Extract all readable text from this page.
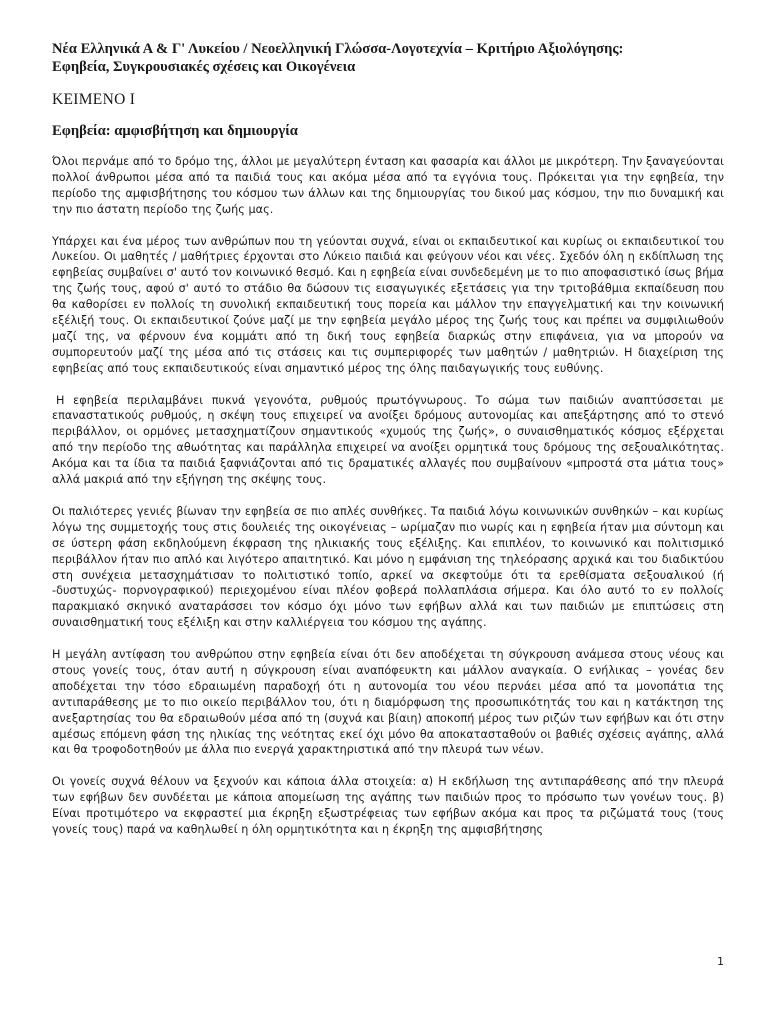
Νέα Ελληνικά Α & Γ' Λυκείου / Νεοελληνική Γλώσσα-Λογοτεχνία – Κριτήριο Αξιολόγησης:
Εφηβεία, Συγκρουσιακές σχέσεις και Οικογένεια
ΚΕΙΜΕΝΟ Ι
Εφηβεία: αμφισβήτηση και δημιουργία

Όλοι περνάμε από το δρόμο της, άλλοι με μεγαλύτερη ένταση και φασαρία και άλλοι με μικρότερη. Την ξαναγεύονται πολλοί άνθρωποι μέσα από τα παιδιά τους και ακόμα μέσα από τα εγγόνια τους. Πρόκειται για την εφηβεία, την περίοδο της αμφισβήτησης του κόσμου των άλλων και της δημιουργίας του δικού μας κόσμου, την πιο δυναμική και την πιο άστατη περίοδο της ζωής μας.

Υπάρχει και ένα μέρος των ανθρώπων που τη γεύονται συχνά, είναι οι εκπαιδευτικοί και κυρίως οι εκπαιδευτικοί του Λυκείου. Οι μαθητές / μαθήτριες έρχονται στο Λύκειο παιδιά και φεύγουν νέοι και νέες. Σχεδόν όλη η εκδίπλωση της εφηβείας συμβαίνει σ' αυτό τον κοινωνικό θεσμό. Και η εφηβεία είναι συνδεδεμένη με το πιο αποφασιστικό ίσως βήμα της ζωής τους, αφού σ' αυτό το στάδιο θα δώσουν τις εισαγωγικές εξετάσεις για την τριτοβάθμια εκπαίδευση που θα καθορίσει εν πολλοίς τη συνολική εκπαιδευτική τους πορεία και μάλλον την επαγγελματική και την κοινωνική εξέλιξή τους. Οι εκπαιδευτικοί ζούνε μαζί με την εφηβεία μεγάλο μέρος της ζωής τους και πρέπει να συμφιλιωθούν μαζί της, να φέρνουν ένα κομμάτι από τη δική τους εφηβεία διαρκώς στην επιφάνεια, για να μπορούν να συμπορευτούν μαζί της μέσα από τις στάσεις και τις συμπεριφορές των μαθητών / μαθητριών. Η διαχείριση της εφηβείας από τους εκπαιδευτικούς είναι σημαντικό μέρος της όλης παιδαγωγικής τους ευθύνης.

Η εφηβεία περιλαμβάνει πυκνά γεγονότα, ρυθμούς πρωτόγνωρους. Το σώμα των παιδιών αναπτύσσεται με επαναστατικούς ρυθμούς, η σκέψη τους επιχειρεί να ανοίξει δρόμους αυτονομίας και απεξάρτησης από το στενό περιβάλλον, οι ορμόνες μετασχηματίζουν σημαντικούς «χυμούς της ζωής», ο συναισθηματικός κόσμος εξέρχεται από την περίοδο της αθωότητας και παράλληλα επιχειρεί να ανοίξει ορμητικά τους δρόμους της σεξουαλικότητας. Ακόμα και τα ίδια τα παιδιά ξαφνιάζονται από τις δραματικές αλλαγές που συμβαίνουν «μπροστά στα μάτια τους» αλλά μακριά από την εξήγηση της σκέψης τους.

Οι παλιότερες γενιές βίωναν την εφηβεία σε πιο απλές συνθήκες. Τα παιδιά λόγω κοινωνικών συνθηκών – και κυρίως λόγω της συμμετοχής τους στις δουλειές της οικογένειας – ωρίμαζαν πιο νωρίς και η εφηβεία ήταν μια σύντομη και σε ύστερη φάση εκδηλούμενη έκφραση της ηλικιακής τους εξέλιξης. Και επιπλέον, το κοινωνικό και πολιτισμικό περιβάλλον ήταν πιο απλό και λιγότερο απαιτητικό. Και μόνο η εμφάνιση της τηλεόρασης αρχικά και του διαδικτύου στη συνέχεια μετασχημάτισαν το πολιτιστικό τοπίο, αρκεί να σκεφτούμε ότι τα ερεθίσματα σεξουαλικού (ή -δυστυχώς- πορνογραφικού) περιεχομένου είναι πλέον φοβερά πολλαπλάσια σήμερα. Και όλο αυτό το εν πολλοίς παρακμιακό σκηνικό αναταράσσει τον κόσμο όχι μόνο των εφήβων αλλά και των παιδιών με επιπτώσεις στη συναισθηματική τους εξέλιξη και στην καλλιέργεια του κόσμου της αγάπης.

Η μεγάλη αντίφαση του ανθρώπου στην εφηβεία είναι ότι δεν αποδέχεται τη σύγκρουση ανάμεσα στους νέους και στους γονείς τους, όταν αυτή η σύγκρουση είναι αναπόφευκτη και μάλλον αναγκαία. Ο ενήλικας – γονέας δεν αποδέχεται την τόσο εδραιωμένη παραδοχή ότι η αυτονομία του νέου περνάει μέσα από τα μονοπάτια της αντιπαράθεσης με το πιο οικείο περιβάλλον του, ότι η διαμόρφωση της προσωπικότητάς του και η κατάκτηση της ανεξαρτησίας του θα εδραιωθούν μέσα από τη (συχνά και βίαιη) αποκοπή μέρος των ριζών των εφήβων και ότι στην αμέσως επόμενη φάση της ηλικίας της νεότητας εκεί όχι μόνο θα αποκατασταθούν οι βαθιές σχέσεις αγάπης, αλλά και θα τροφοδοτηθούν με άλλα πιο ενεργά χαρακτηριστικά από την πλευρά των νέων.

Οι γονείς συχνά θέλουν να ξεχνούν και κάποια άλλα στοιχεία: α) Η εκδήλωση της αντιπαράθεσης από την πλευρά των εφήβων δεν συνδέεται με κάποια απομείωση της αγάπης των παιδιών προς το πρόσωπο των γονέων τους. β) Είναι προτιμότερο να εκφραστεί μια έκρηξη εξωστρέφειας των εφήβων ακόμα και προς τα ριζώματά τους (τους γονείς τους) παρά να καθηλωθεί η όλη ορμητικότητα και η έκρηξη της αμφισβήτησης

1
